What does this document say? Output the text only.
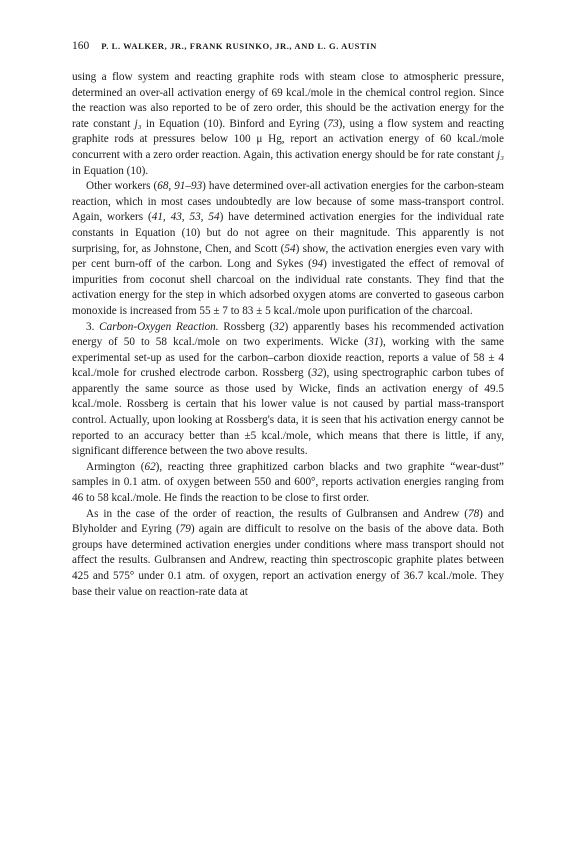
160 P. L. WALKER, JR., FRANK RUSINKO, JR., AND L. G. AUSTIN

using a flow system and reacting graphite rods with steam close to atmospheric pressure, determined an over-all activation energy of 69 kcal./mole in the chemical control region. Since the reaction was also reported to be of zero order, this should be the activation energy for the rate constant j₃ in Equation (10). Binford and Eyring (73), using a flow system and reacting graphite rods at pressures below 100 μ Hg, report an activation energy of 60 kcal./mole concurrent with a zero order reaction. Again, this activation energy should be for rate constant j₃ in Equation (10).

Other workers (68, 91–93) have determined over-all activation energies for the carbon-steam reaction, which in most cases undoubtedly are low because of some mass-transport control. Again, workers (41, 43, 53, 54) have determined activation energies for the individual rate constants in Equation (10) but do not agree on their magnitude. This apparently is not surprising, for, as Johnstone, Chen, and Scott (54) show, the activation energies even vary with per cent burn-off of the carbon. Long and Sykes (94) investigated the effect of removal of impurities from coconut shell charcoal on the individual rate constants. They find that the activation energy for the step in which adsorbed oxygen atoms are converted to gaseous carbon monoxide is increased from 55 ± 7 to 83 ± 5 kcal./mole upon purification of the charcoal.

3. Carbon-Oxygen Reaction. Rossberg (32) apparently bases his recommended activation energy of 50 to 58 kcal./mole on two experiments. Wicke (31), working with the same experimental set-up as used for the carbon–carbon dioxide reaction, reports a value of 58 ± 4 kcal./mole for crushed electrode carbon. Rossberg (32), using spectrographic carbon tubes of apparently the same source as those used by Wicke, finds an activation energy of 49.5 kcal./mole. Rossberg is certain that his lower value is not caused by partial mass-transport control. Actually, upon looking at Rossberg's data, it is seen that his activation energy cannot be reported to an accuracy better than ±5 kcal./mole, which means that there is little, if any, significant difference between the two above results.

Armington (62), reacting three graphitized carbon blacks and two graphite “wear-dust” samples in 0.1 atm. of oxygen between 550 and 600°, reports activation energies ranging from 46 to 58 kcal./mole. He finds the reaction to be close to first order.

As in the case of the order of reaction, the results of Gulbransen and Andrew (78) and Blyholder and Eyring (79) again are difficult to resolve on the basis of the above data. Both groups have determined activation energies under conditions where mass transport should not affect the results. Gulbransen and Andrew, reacting thin spectroscopic graphite plates between 425 and 575° under 0.1 atm. of oxygen, report an activation energy of 36.7 kcal./mole. They base their value on reaction-rate data at
